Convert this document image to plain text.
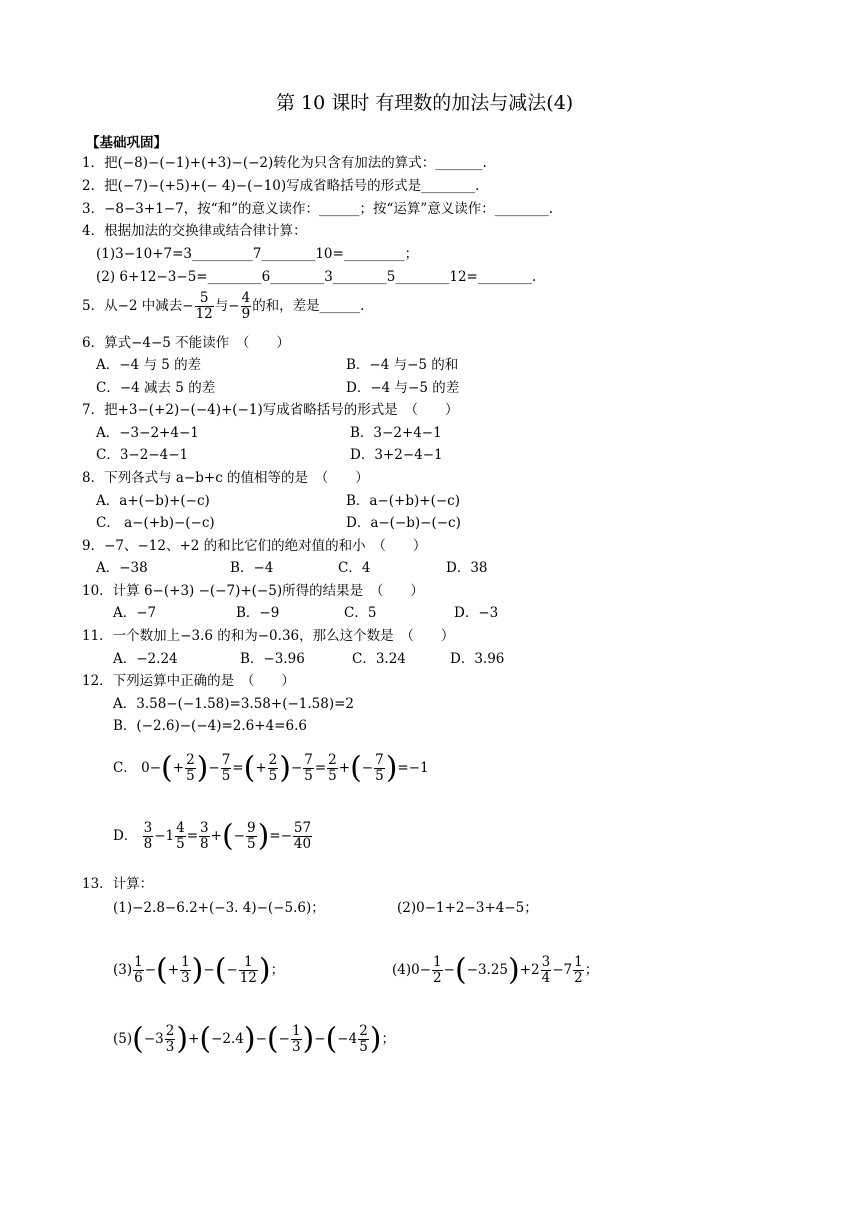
第 10 课时 有理数的加法与减法(4)
【基础巩固】
1．把(−8)−(−1)+(+3)−(−2)转化为只含有加法的算式：_______.
2．把(−7)−(+5)+(− 4)−(−10)写成省略括号的形式是________.
3．−8−3+1−7，按“和”的意义读作：______；按“运算”意义读作：________.
4．根据加法的交换律或结合律计算：
(1)3−10+7=3_________7________10=_________；
(2) 6+12−3−5=________6________3________5________12=________.
5．从−2 中减去− $\frac{5}{12}$ 与− $\frac{4}{9}$ 的和，差是______.
6．算式−4−5 不能读作　（　　）
A．−4 与 5 的差	B．−4 与−5 的和
C．−4 减去 5 的差	D．−4 与−5 的差
7．把+3−(+2)−(−4)+(−1)写成省略括号的形式是　（　　）
A．−3−2+4−1	B．3−2+4−1
C．3−2−4−1	D．3+2−4−1
8．下列各式与 a−b+c 的值相等的是　（　　）
A．a+(−b)+(−c)	B．a−(+b)+(−c)
C． a−(+b)−(−c)	D．a−(−b)−(−c)
9．−7、−12、+2 的和比它们的绝对值的和小　（　　）
A．−38	B．−4	C．4	D．38
10．计算 6−(+3) −(−7)+(−5)所得的结果是　（　　）
A．−7	B．−9	C．5	D．−3
11．一个数加上−3.6 的和为−0.36，那么这个数是　（　　）
A．−2.24	B．−3.96	C．3.24	D．3.96
12．下列运算中正确的是　（　　）
A．3.58−(−1.58)=3.58+(−1.58)=2
B．(−2.6)−(−4)=2.6+4=6.6
C． $0-(+ \frac{2}{5}$ )− $\frac{7}{5}$ =(+ $\frac{2}{5}$ )− $\frac{7}{5} = \frac{2}{5}$ +(− $\frac{7}{5} )=-1$
D． $\frac{3}{8} -1 \frac{4}{5} = \frac{3}{8}$ +(− $\frac{9}{5}$ )=− $\frac{57}{40}$
13．计算：
(1)−2.8−6.2+(−3. 4)−(−5.6)；	(2)0−1+2−3+4−5；
$(3) \frac{1}{6}$ −(+ $\frac{1}{3}$ )−(− $\frac{1}{12}$ )；	$(4)0- \frac{1}{2} -(-3.25)+2 \frac{3}{4} -7 \frac{1}{2}$ ；
$(5)(-3 \frac{2}{3} )+(-2.4)-(- \frac{1}{3} )-(-4 \frac{2}{5}$ )；
